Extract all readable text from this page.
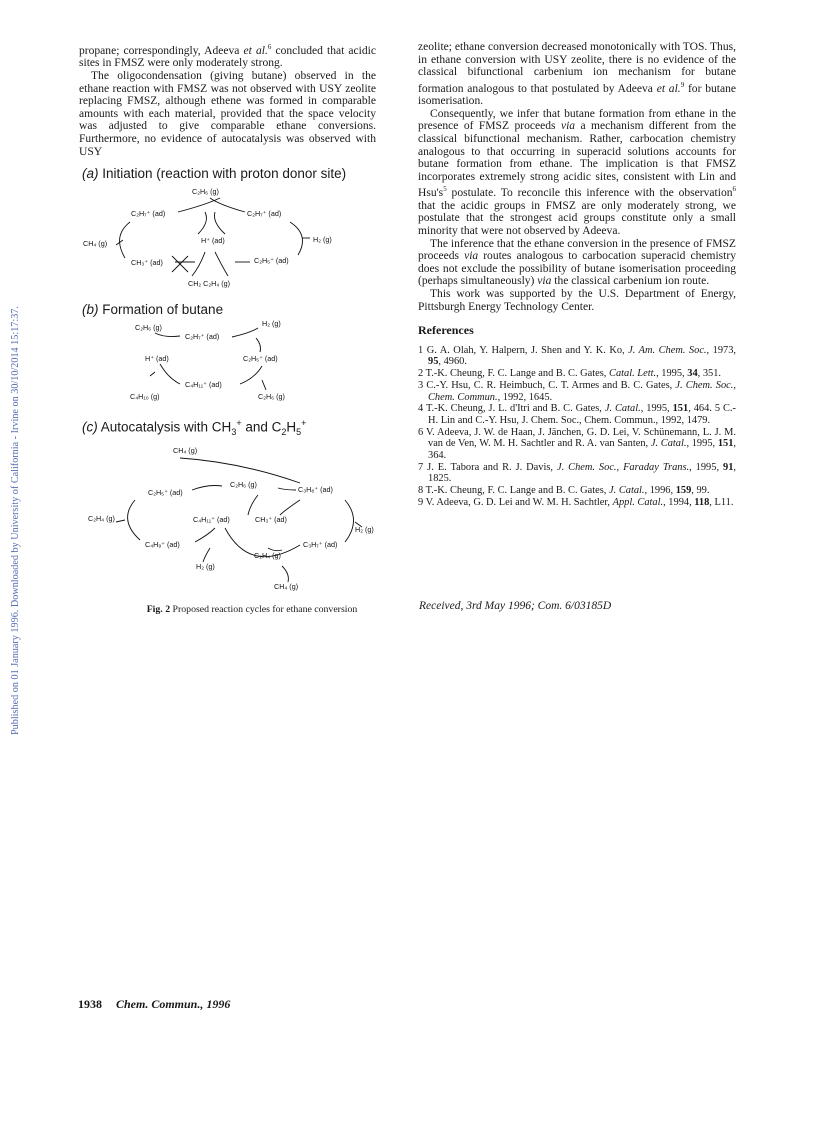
Published on 01 January 1996. Downloaded by University of California - Irvine on 30/10/2014 15:17:37.

propane; correspondingly, Adeeva et al.$^6$ concluded that acidic sites in FMSZ were only moderately strong.

The oligocondensation (giving butane) observed in the ethane reaction with FMSZ was not observed with USY zeolite replacing FMSZ, although ethene was formed in comparable amounts with each material, provided that the space velocity was adjusted to give comparable ethane conversions. Furthermore, no evidence of autocatalysis was observed with USY

(a) Initiation (reaction with proton donor site)
(b) Formation of butane
(c) Autocatalysis with $CH_3^+$ and $C_2H_5^+$
C₂H₆ (g)
C₂H₇⁺ (ad)	C₂H₇⁺ (ad)
CH₄ (g)	H⁺ (ad)	H₂ (g)
CH₃⁺ (ad)	C₂H₅⁺ (ad)
CH₂ C₂H₄ (g)
C₂H₆ (g)	H₂ (g)
C₂H₇⁺ (ad)
H⁺ (ad)	C₂H₅⁺ (ad)
C₄H₁₁⁺ (ad)
C₄H₁₀ (g)	C₂H₆ (g)
CH₄ (g)
C₂H₅⁺ (ad)
C₂H₆ (g)
C₃H₈⁺ (ad)
C₂H₄ (g)	C₄H₁₁⁺ (ad)	CH₃⁺ (ad)
H₂ (g)
C₄H₉⁺ (ad)	C₃H₇⁺ (ad)
C₂H₄ (g)
H₂ (g)
CH₄ (g)
Fig. 2 Proposed reaction cycles for ethane conversion

zeolite; ethane conversion decreased monotonically with TOS. Thus, in ethane conversion with USY zeolite, there is no evidence of the classical bifunctional carbenium ion mechanism for butane formation analogous to that postulated by Adeeva et al.$^9$ for butane isomerisation.

Consequently, we infer that butane formation from ethane in the presence of FMSZ proceeds via a mechanism different from the classical bifunctional mechanism. Rather, carbocation chemistry analogous to that occurring in superacid solutions accounts for butane formation from ethane. The implication is that FMSZ incorporates extremely strong acidic sites, consistent with Lin and $Hsu's^5$ postulate. To reconcile this inference with the observation$^6$ that the acidic groups in FMSZ are only moderately strong, we postulate that the strongest acid groups constitute only a small minority that were not observed by Adeeva.

The inference that the ethane conversion in the presence of FMSZ proceeds via routes analogous to carbocation superacid chemistry does not exclude the possibility of butane isomerisation proceeding (perhaps simultaneously) via the classical carbenium ion route.

This work was supported by the U.S. Department of Energy, Pittsburgh Energy Technology Center.

References

1 G. A. Olah, Y. Halpern, J. Shen and Y. K. Ko, J. Am. Chem. Soc., 1973, 95, 4960.

2 T.-K. Cheung, F. C. Lange and B. C. Gates, Catal. Lett., 1995, 34, 351.

3 C.-Y. Hsu, C. R. Heimbuch, C. T. Armes and B. C. Gates, J. Chem. Soc., Chem. Commun., 1992, 1645.

4 T.-K. Cheung, J. L. d'Itri and B. C. Gates, J. Catal., 1995, 151, 464. 5 C.-H. Lin and C.-Y. Hsu, J. Chem. Soc., Chem. Commun., 1992, 1479.

6 V. Adeeva, J. W. de Haan, J. Jänchen, G. D. Lei, V. Schünemann, L. J. M. van de Ven, W. M. H. Sachtler and R. A. van Santen, J. Catal., 1995, 151, 364.

7 J. E. Tabora and R. J. Davis, J. Chem. Soc., Faraday Trans., 1995, 91, 1825.

8 T.-K. Cheung, F. C. Lange and B. C. Gates, J. Catal., 1996, 159, 99.

9 V. Adeeva, G. D. Lei and W. M. H. Sachtler, Appl. Catal., 1994, 118, L11.

Received, 3rd May 1996; Com. 6/03185D
1938 Chem. Commun., 1996
